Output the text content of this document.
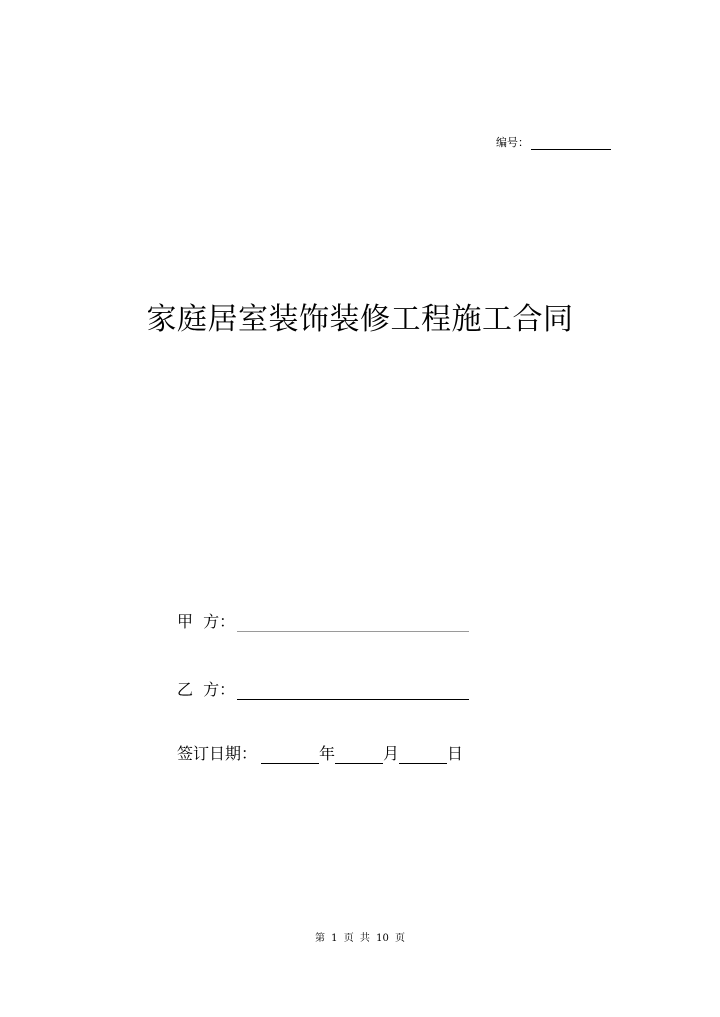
编号：
家庭居室装饰装修工程施工合同
甲  方：
乙  方：
签订日期：	年	月	日
第 1 页 共 10 页
